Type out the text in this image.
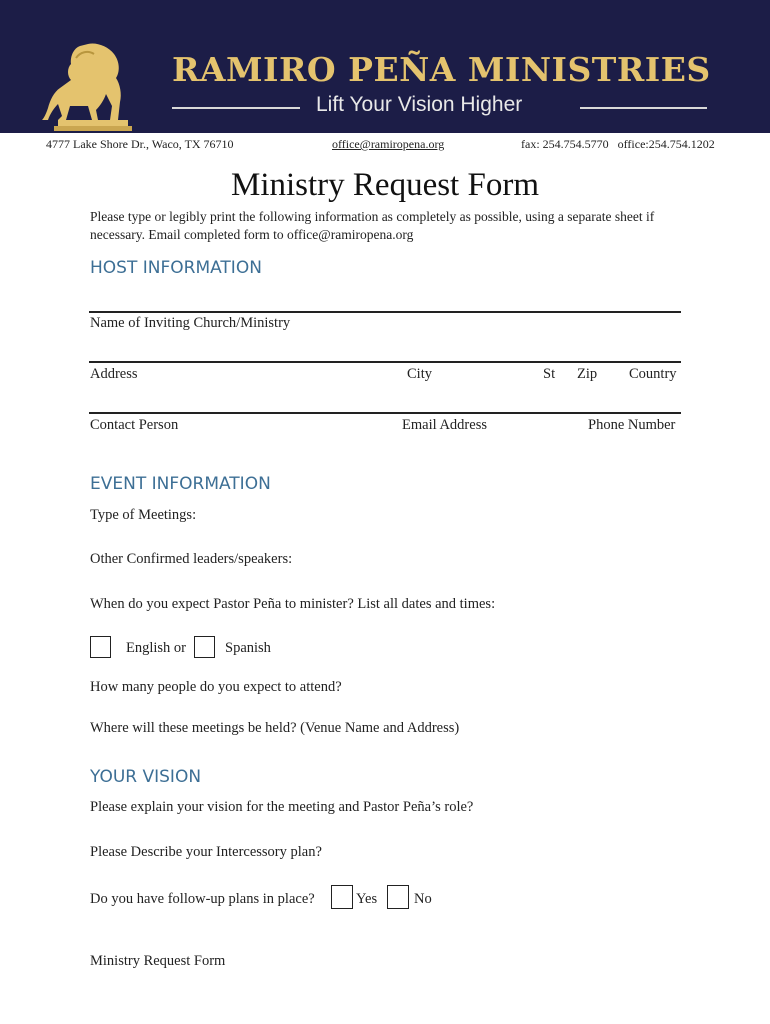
RAMIRO PEÑA MINISTRIES
Lift Your Vision Higher
4777 Lake Shore Dr., Waco, TX 76710	office@ramiropena.org	fax: 254.754.5770   office:254.754.1202
Ministry Request Form
Please type or legibly print the following information as completely as possible, using a separate sheet if necessary. Email completed form to office@ramiropena.org
HOST INFORMATION
Name of Inviting Church/Ministry
Address	City	St Zip Country
Contact Person	Email Address	Phone Number
EVENT INFORMATION
Type of Meetings:
Other Confirmed leaders/speakers:
When do you expect Pastor Peña to minister? List all dates and times:
English or	Spanish
How many people do you expect to attend?
Where will these meetings be held? (Venue Name and Address)
YOUR VISION
Please explain your vision for the meeting and Pastor Peña’s role?
Please Describe your Intercessory plan?
Do you have follow-up plans in place?	Yes	No
Ministry Request Form
